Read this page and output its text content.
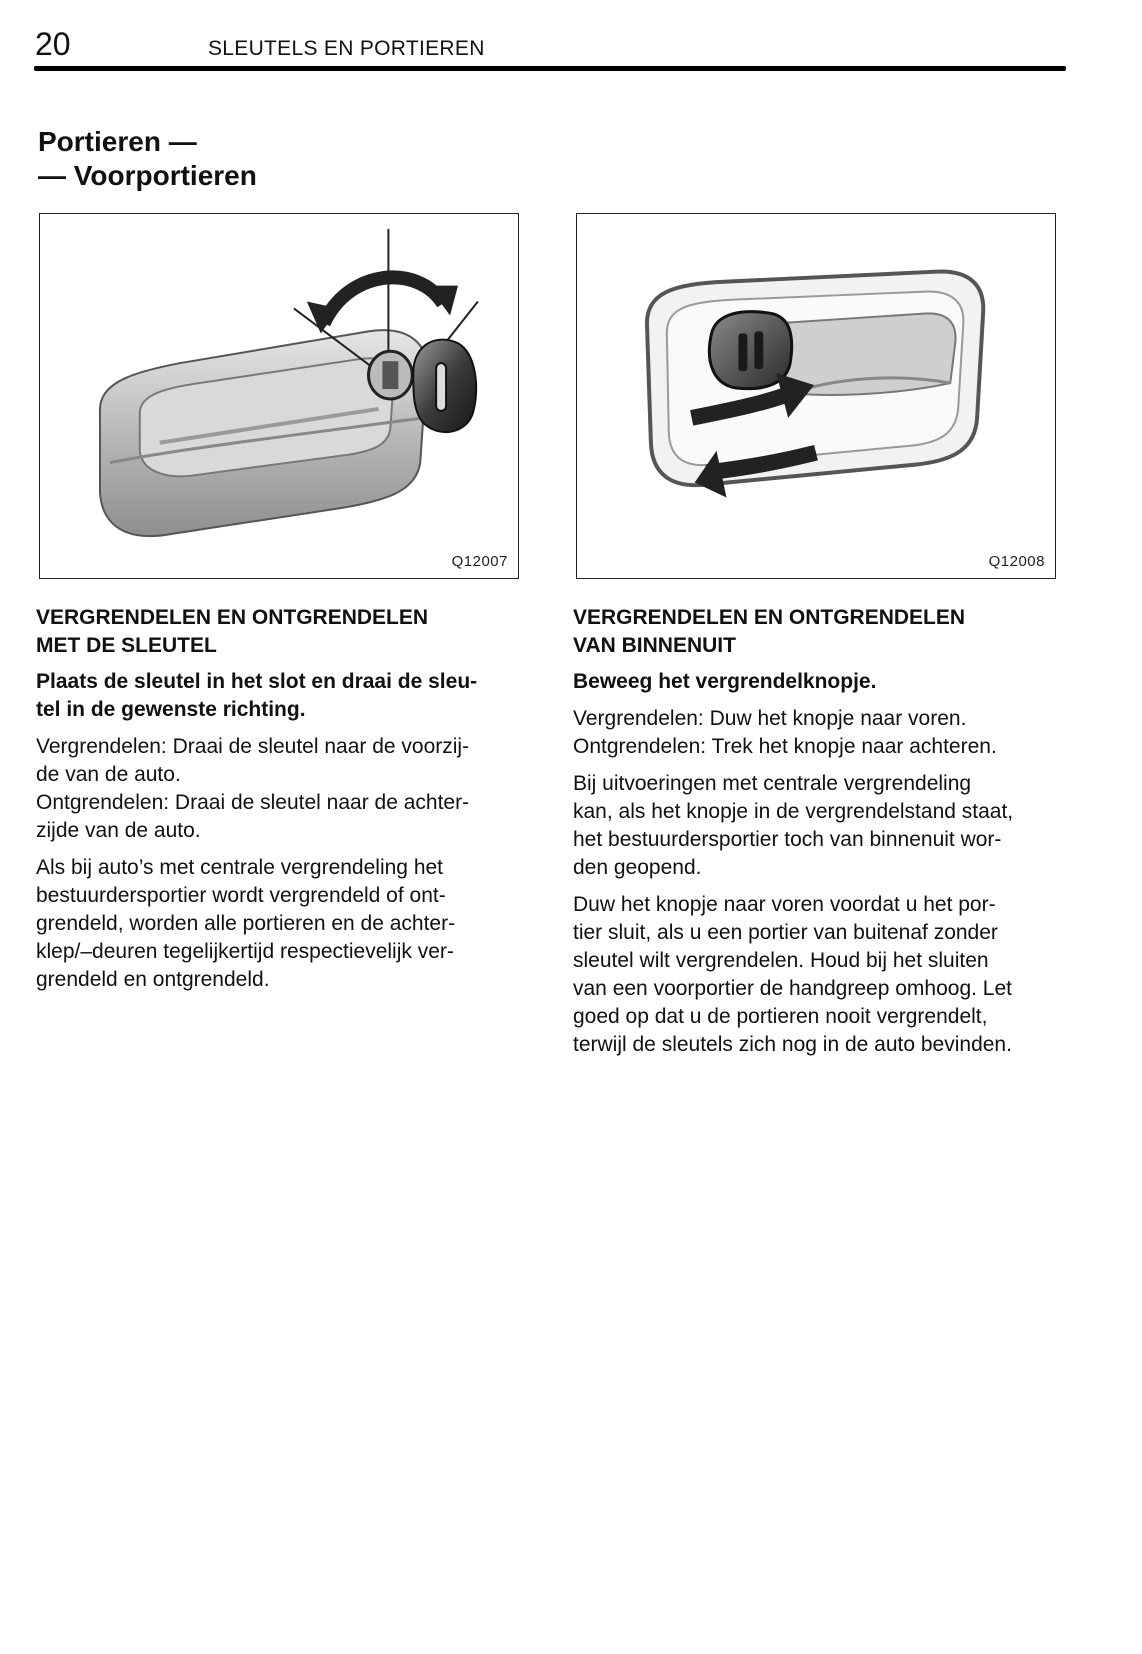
20	SLEUTELS EN PORTIEREN
Portieren —
— Voorportieren
Q12007	Q12008
VERGRENDELEN EN ONTGRENDELEN
MET DE SLEUTEL

Plaats de sleutel in het slot en draai de sleu-
tel in de gewenste richting.

Vergrendelen: Draai de sleutel naar de voorzij-
de van de auto.

Ontgrendelen: Draai de sleutel naar de achter-
zijde van de auto.

Als bij auto’s met centrale vergrendeling het
bestuurdersportier wordt vergrendeld of ont-
grendeld, worden alle portieren en de achter-
klep/–deuren tegelijkertijd respectievelijk ver-
grendeld en ontgrendeld.

VERGRENDELEN EN ONTGRENDELEN
VAN BINNENUIT

Beweeg het vergrendelknopje.

Vergrendelen: Duw het knopje naar voren.
Ontgrendelen: Trek het knopje naar achteren.

Bij uitvoeringen met centrale vergrendeling
kan, als het knopje in de vergrendelstand staat,
het bestuurdersportier toch van binnenuit wor-
den geopend.

Duw het knopje naar voren voordat u het por-
tier sluit, als u een portier van buitenaf zonder
sleutel wilt vergrendelen. Houd bij het sluiten
van een voorportier de handgreep omhoog. Let
goed op dat u de portieren nooit vergrendelt,
terwijl de sleutels zich nog in de auto bevinden.
